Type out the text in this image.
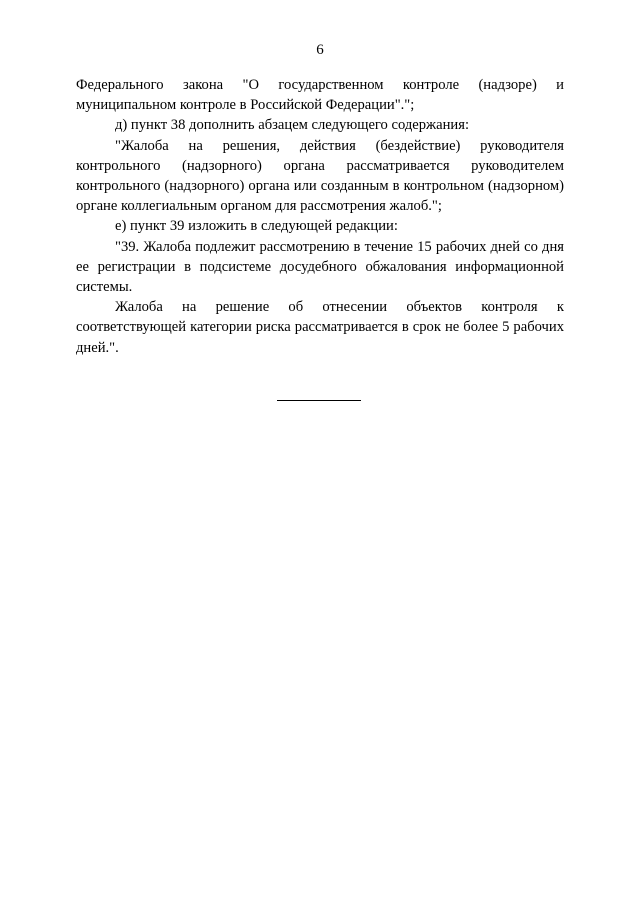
6

Федерального закона "О государственном контроле (надзоре) и муниципальном контроле в Российской Федерации".";

д) пункт 38 дополнить абзацем следующего содержания:

"Жалоба на решения, действия (бездействие) руководителя контрольного (надзорного) органа рассматривается руководителем контрольного (надзорного) органа или созданным в контрольном (надзорном) органе коллегиальным органом для рассмотрения жалоб.";

е) пункт 39 изложить в следующей редакции:

"39. Жалоба подлежит рассмотрению в течение 15 рабочих дней со дня ее регистрации в подсистеме досудебного обжалования информационной системы.

Жалоба на решение об отнесении объектов контроля к соответствующей категории риска рассматривается в срок не более 5 рабочих дней.".
